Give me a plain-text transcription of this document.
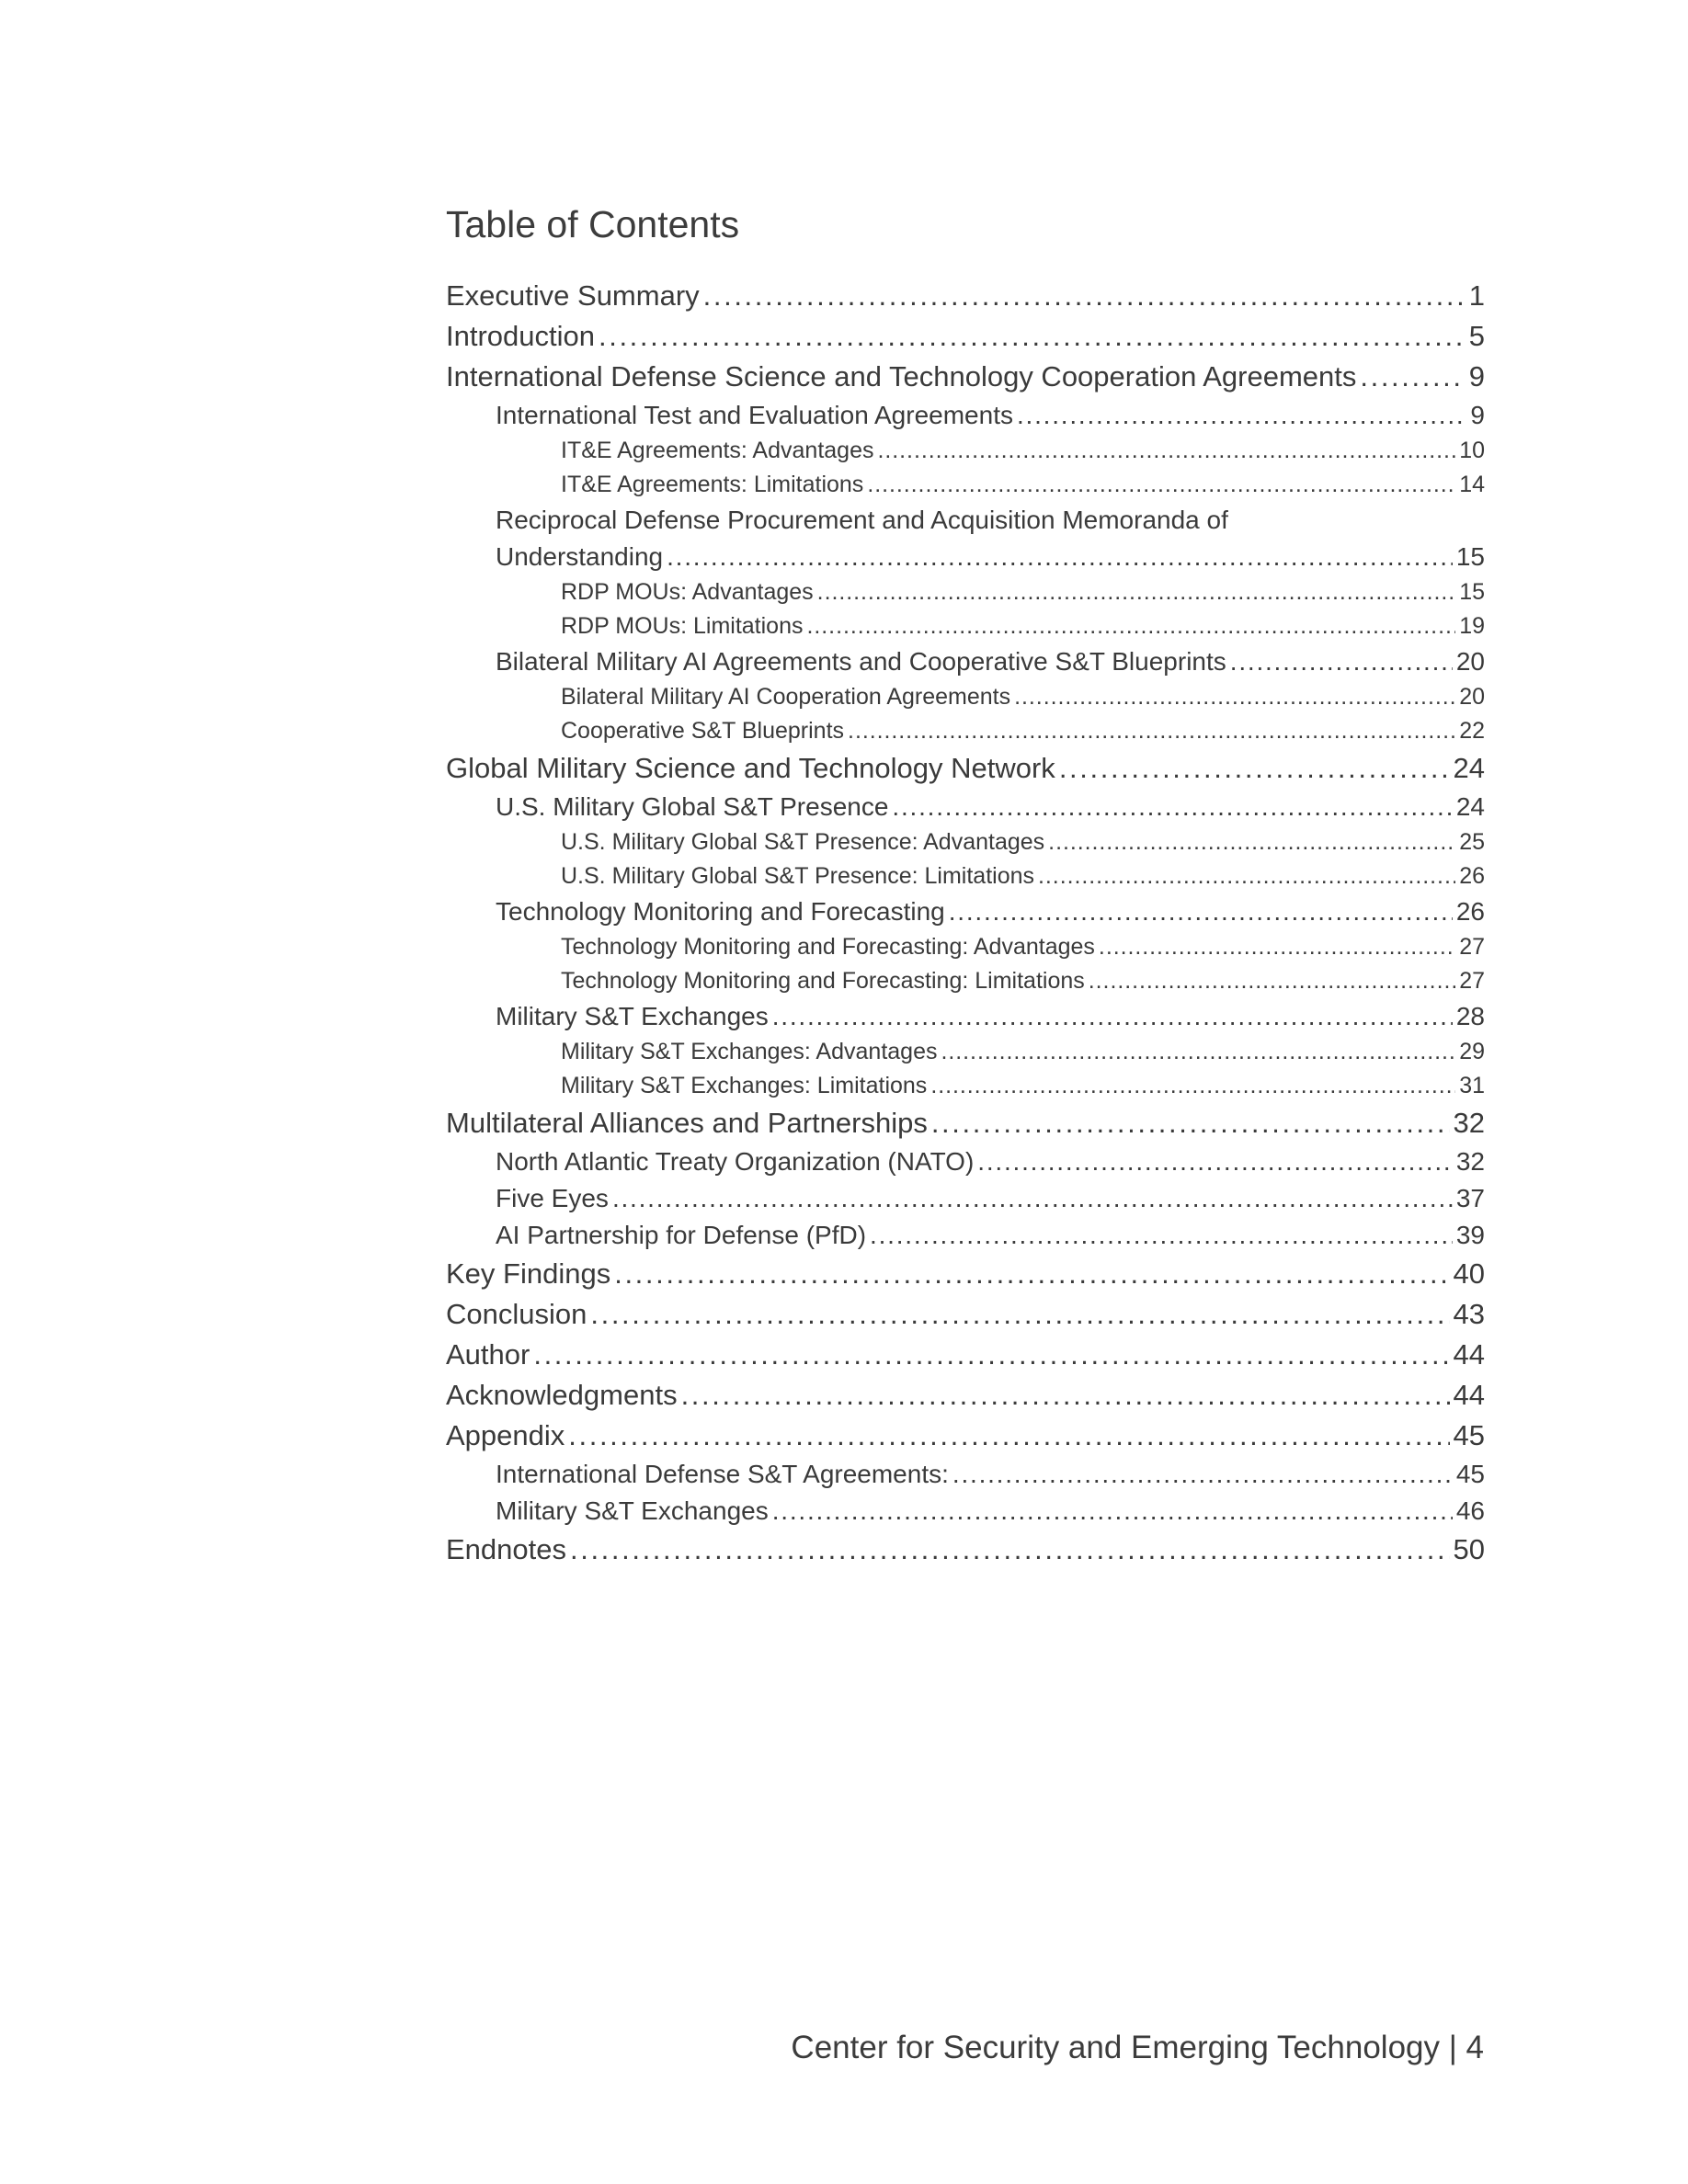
Table of Contents
Executive Summary . . .	1
Introduction . . .	5
International Defense Science and Technology Cooperation Agreements . . .	9
International Test and Evaluation Agreements . . .	9
IT&E Agreements: Advantages . . .	10
IT&E Agreements: Limitations . . .	14
Reciprocal Defense Procurement and Acquisition Memoranda of
Understanding . . .	15
RDP MOUs: Advantages . . .	15
RDP MOUs: Limitations . . .	19
Bilateral Military AI Agreements and Cooperative S&T Blueprints . . .	20
Bilateral Military AI Cooperation Agreements . . .	20
Cooperative S&T Blueprints . . .	22
Global Military Science and Technology Network . . .	24
U.S. Military Global S&T Presence . . .	24
U.S. Military Global S&T Presence: Advantages . . .	25
U.S. Military Global S&T Presence: Limitations . . .	26
Technology Monitoring and Forecasting . . .	26
Technology Monitoring and Forecasting: Advantages . . .	27
Technology Monitoring and Forecasting: Limitations . . .	27
Military S&T Exchanges . . .	28
Military S&T Exchanges: Advantages . . .	29
Military S&T Exchanges: Limitations . . .	31
Multilateral Alliances and Partnerships . . .	32
North Atlantic Treaty Organization (NATO) . . .	32
Five Eyes . . .	37
AI Partnership for Defense (PfD) . . .	39
Key Findings . . .	40
Conclusion . . .	43
Author . . .	44
Acknowledgments . . .	44
Appendix . . .	45
International Defense S&T Agreements: . . .	45
Military S&T Exchanges . . .	46
Endnotes . . .	50
Center for Security and Emerging Technology | 4
